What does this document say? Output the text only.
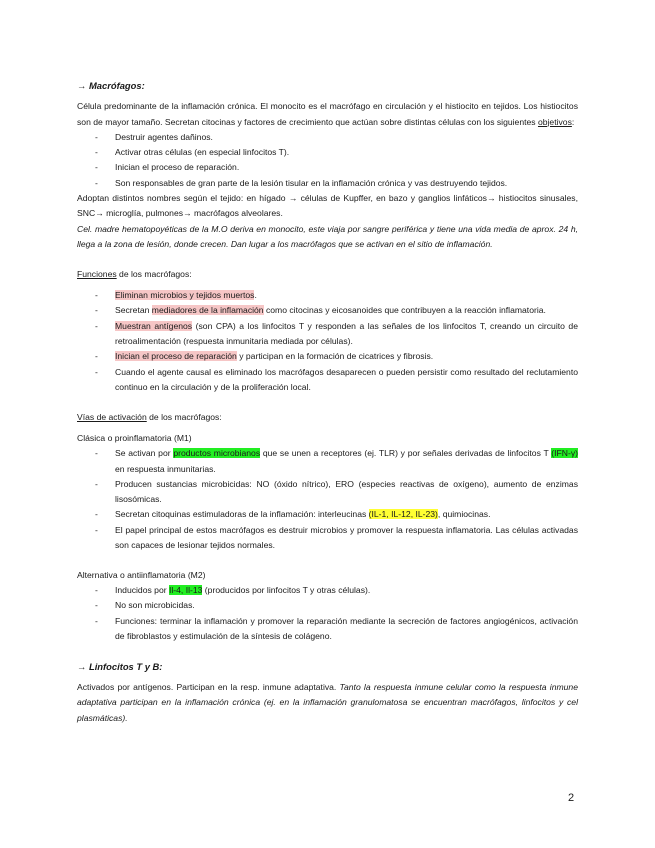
→ Macrófagos:

Célula predominante de la inflamación crónica. El monocito es el macrófago en circulación y el histiocito en tejidos. Los histiocitos son de mayor tamaño. Secretan citocinas y factores de crecimiento que actúan sobre distintas células con los siguientes objetivos:

- Destruir agentes dañinos.
- Activar otras células (en especial linfocitos T).
- Inician el proceso de reparación.
- Son responsables de gran parte de la lesión tisular en la inflamación crónica y vas destruyendo tejidos.

Adoptan distintos nombres según el tejido: en hígado → células de Kupffer, en bazo y ganglios linfáticos→ histiocitos sinusales, SNC→ microglía, pulmones→ macrófagos alveolares.

Cel. madre hematopoyéticas de la M.O deriva en monocito, este viaja por sangre periférica y tiene una vida media de aprox. 24 h, llega a la zona de lesión, donde crecen. Dan lugar a los macrófagos que se activan en el sitio de inflamación.

Funciones de los macrófagos:

- Eliminan microbios y tejidos muertos.
- Secretan mediadores de la inflamación como citocinas y eicosanoides que contribuyen a la reacción inflamatoria.
- Muestran antígenos (son CPA) a los linfocitos T y responden a las señales de los linfocitos T, creando un circuito de retroalimentación (respuesta inmunitaria mediada por células).
- Inician el proceso de reparación y participan en la formación de cicatrices y fibrosis.
- Cuando el agente causal es eliminado los macrófagos desaparecen o pueden persistir como resultado del reclutamiento continuo en la circulación y de la proliferación local.

Vías de activación de los macrófagos:

Clásica o proinflamatoria (M1)

- Se activan por productos microbianos que se unen a receptores (ej. TLR) y por señales derivadas de linfocitos T (IFN-γ) en respuesta inmunitarias.
- Producen sustancias microbicidas: NO (óxido nítrico), ERO (especies reactivas de oxígeno), aumento de enzimas lisosómicas.
- Secretan citoquinas estimuladoras de la inflamación: interleucinas (IL-1, IL-12, IL-23), quimiocinas.
- El papel principal de estos macrófagos es destruir microbios y promover la respuesta inflamatoria. Las células activadas son capaces de lesionar tejidos normales.

Alternativa o antiinflamatoria (M2)

- Inducidos por Il-4, Il-13 (producidos por linfocitos T y otras células).
- No son microbicidas.
- Funciones: terminar la inflamación y promover la reparación mediante la secreción de factores angiogénicos, activación de fibroblastos y estimulación de la síntesis de colágeno.
→ Linfocitos T y B:

Activados por antígenos. Participan en la resp. inmune adaptativa. Tanto la respuesta inmune celular como la respuesta inmune adaptativa participan en la inflamación crónica (ej. en la inflamación granulomatosa se encuentran macrófagos, linfocitos y cel plasmáticas).

2
